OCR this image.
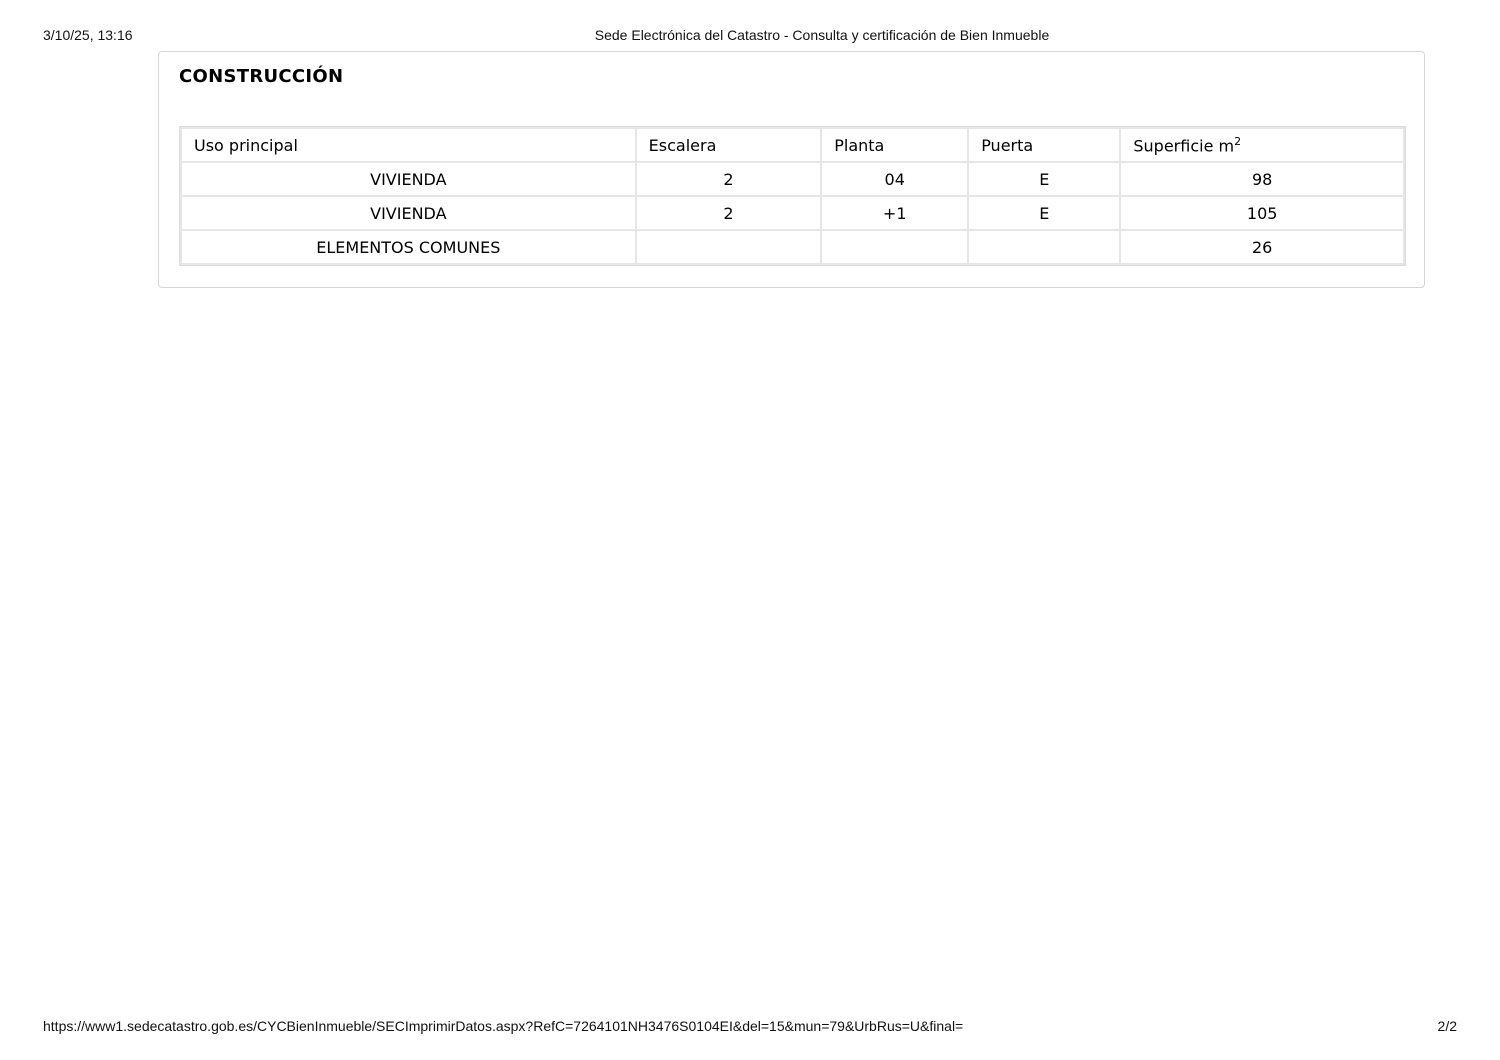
3/10/25, 13:16	Sede Electrónica del Catastro - Consulta y certificación de Bien Inmueble
CONSTRUCCIÓN
Uso principal	Escalera	Planta	Puerta	Superficie $m^2$
VIVIENDA	2	04	E	98
VIVIENDA	2	+1	E	105
ELEMENTOS COMUNES				26
https://www1.sedecatastro.gob.es/CYCBienInmueble/SECImprimirDatos.aspx?RefC=7264101NH3476S0104EI&del=15&mun=79&UrbRus=U&final=	2/2
